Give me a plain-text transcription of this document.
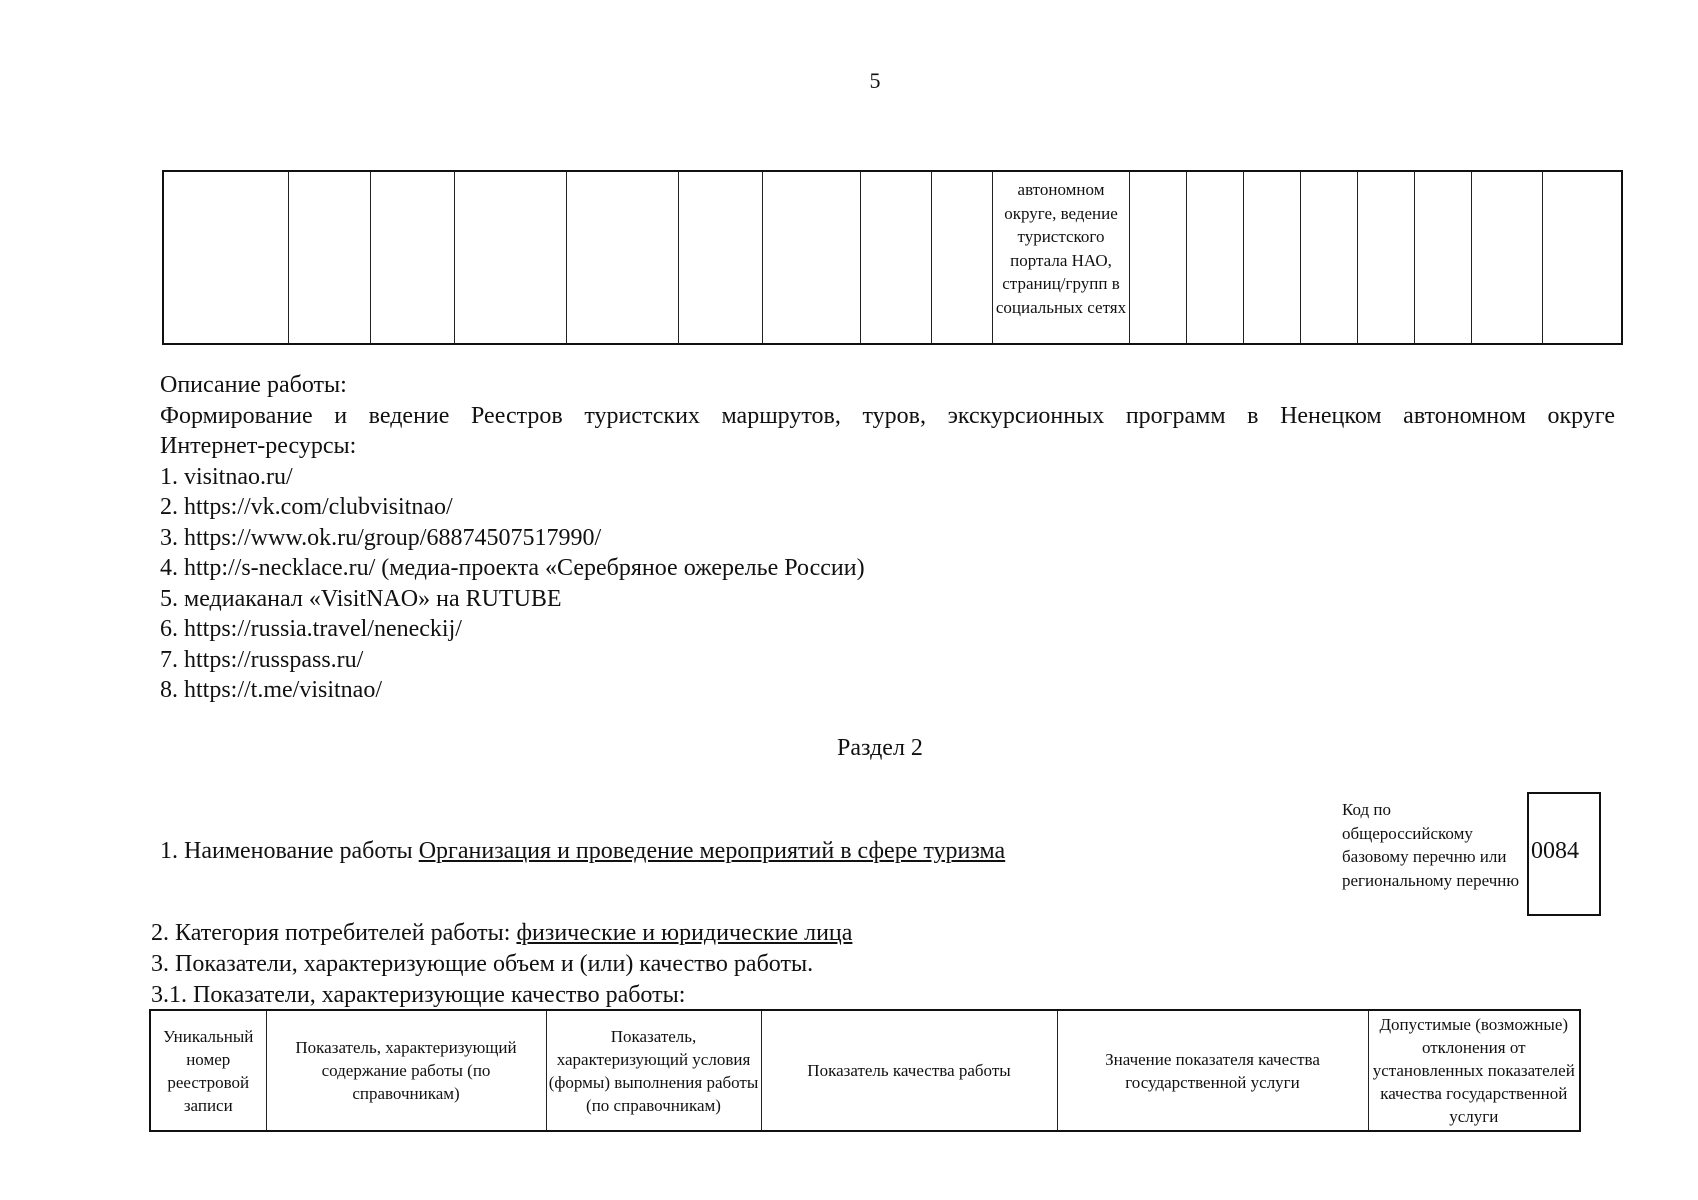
5

автономном округе, ведение туристского портала НАО, страниц/групп в социальных сетях

Описание работы:

Формирование и ведение Реестров туристских маршрутов, туров, экскурсионных программ в Ненецком автономном округе

Интернет-ресурсы:

1. visitnao.ru/

2. https://vk.com/clubvisitnao/

3. https://www.ok.ru/group/68874507517990/

4. http://s-necklace.ru/ (медиа-проекта «Серебряное ожерелье России)

5. медиаканал «VisitNAO» на RUTUBE

6. https://russia.travel/neneckij/

7. https://russpass.ru/

8. https://t.me/visitnao/

Раздел 2
1. Наименование работы Организация и проведение мероприятий в сфере туризма
Код по общероссийскому базовому перечню или региональному перечню
0084
2. Категория потребителей работы: физические и юридические лица
3. Показатели, характеризующие объем и (или) качество работы.
3.1. Показатели, характеризующие качество работы:
Уникальный номер реестровой записи	Показатель, характеризующий содержание работы (по справочникам)	Показатель, характеризующий условия (формы) выполнения работы (по справочникам)	Показатель качества работы	Значение показателя качества государственной услуги	Допустимые (возможные) отклонения от установленных показателей качества государственной услуги
